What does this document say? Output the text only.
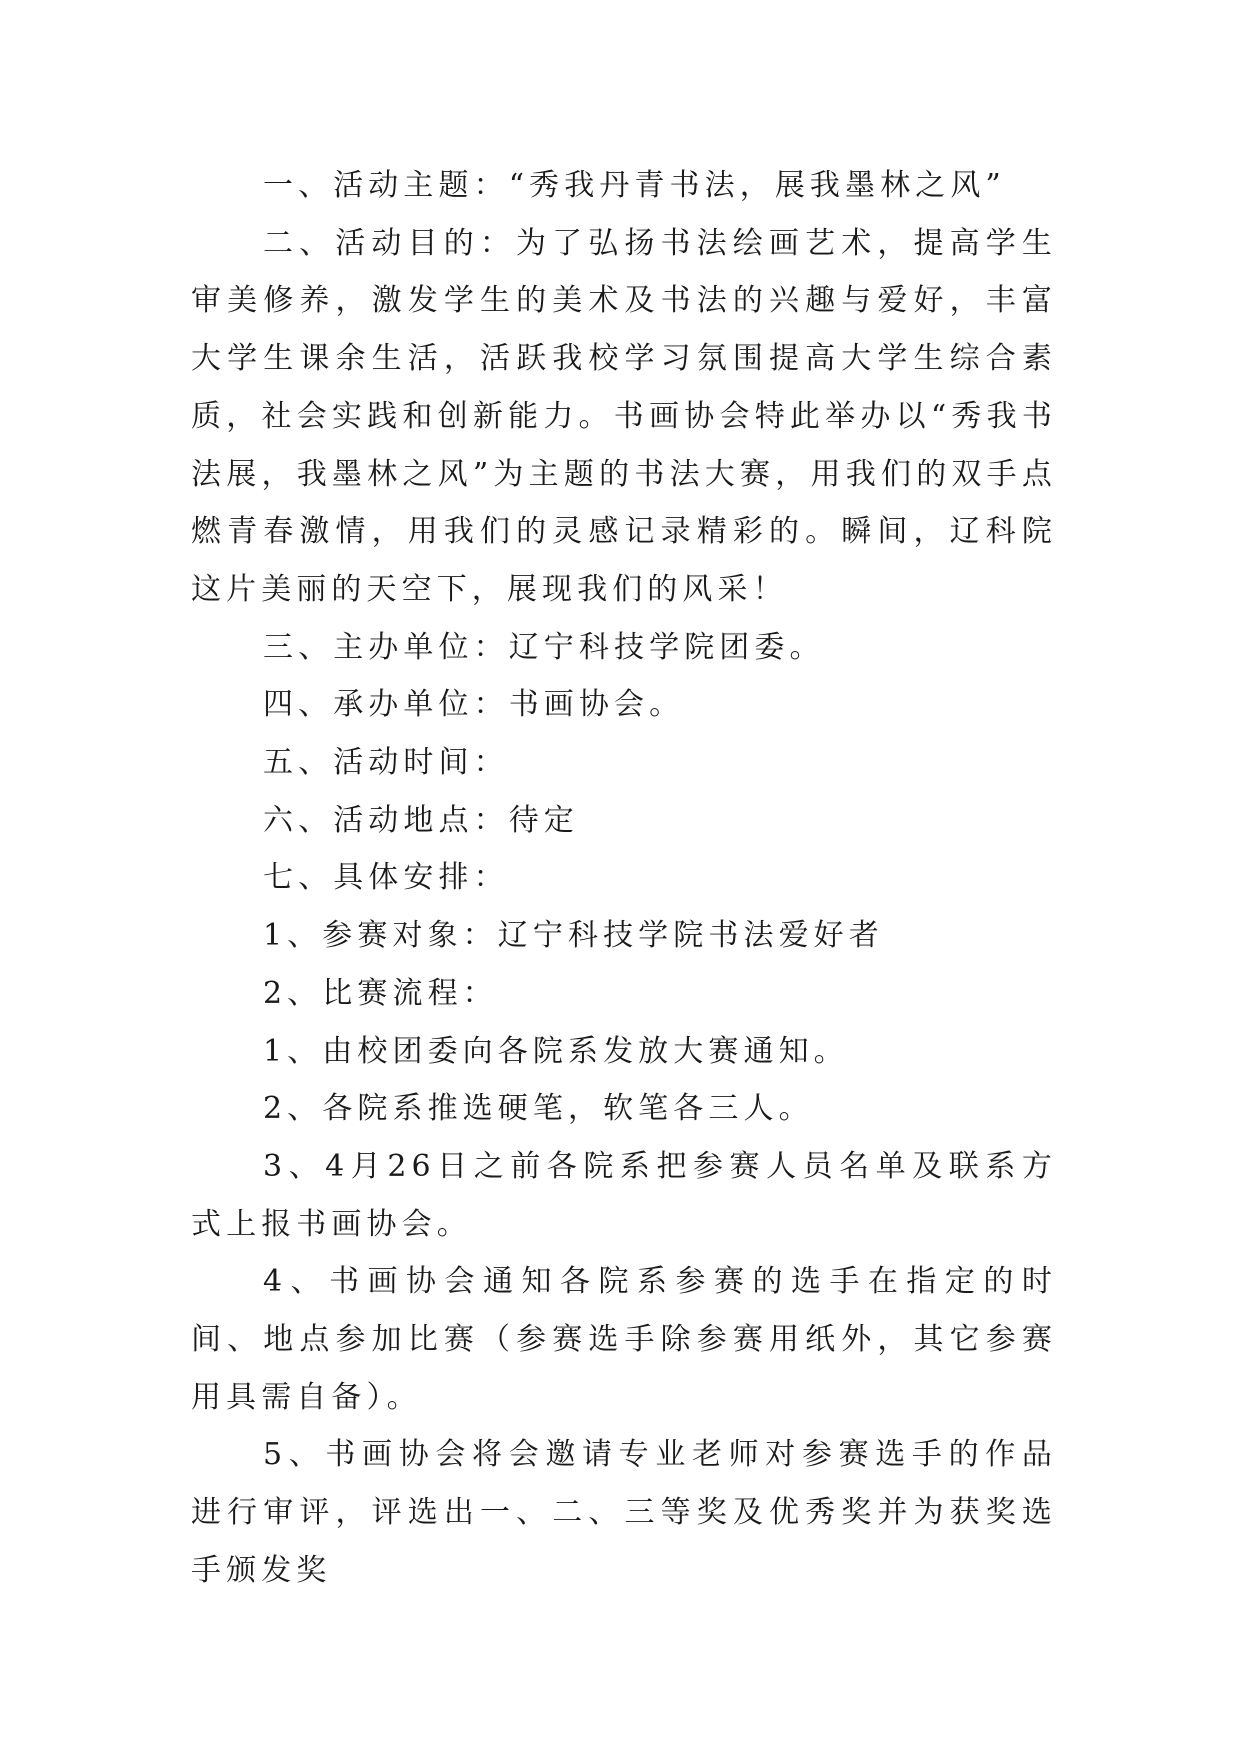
一、活动主题：“秀我丹青书法，展我墨林之风”

二、活动目的：为了弘扬书法绘画艺术，提高学生审美修养，激发学生的美术及书法的兴趣与爱好，丰富大学生课余生活，活跃我校学习氛围提高大学生综合素质，社会实践和创新能力。书画协会特此举办以“秀我书法展，我墨林之风”为主题的书法大赛，用我们的双手点燃青春激情，用我们的灵感记录精彩的。瞬间，辽科院这片美丽的天空下，展现我们的风采！

三、主办单位：辽宁科技学院团委。

四、承办单位：书画协会。

五、活动时间：

六、活动地点：待定

七、具体安排：

1、参赛对象：辽宁科技学院书法爱好者

2、比赛流程：

1、由校团委向各院系发放大赛通知。

2、各院系推选硬笔，软笔各三人。

3、4月26日之前各院系把参赛人员名单及联系方式上报书画协会。

4、书画协会通知各院系参赛的选手在指定的时间、地点参加比赛（参赛选手除参赛用纸外，其它参赛用具需自备）。

5、书画协会将会邀请专业老师对参赛选手的作品进行审评，评选出一、二、三等奖及优秀奖并为获奖选手颁发奖
